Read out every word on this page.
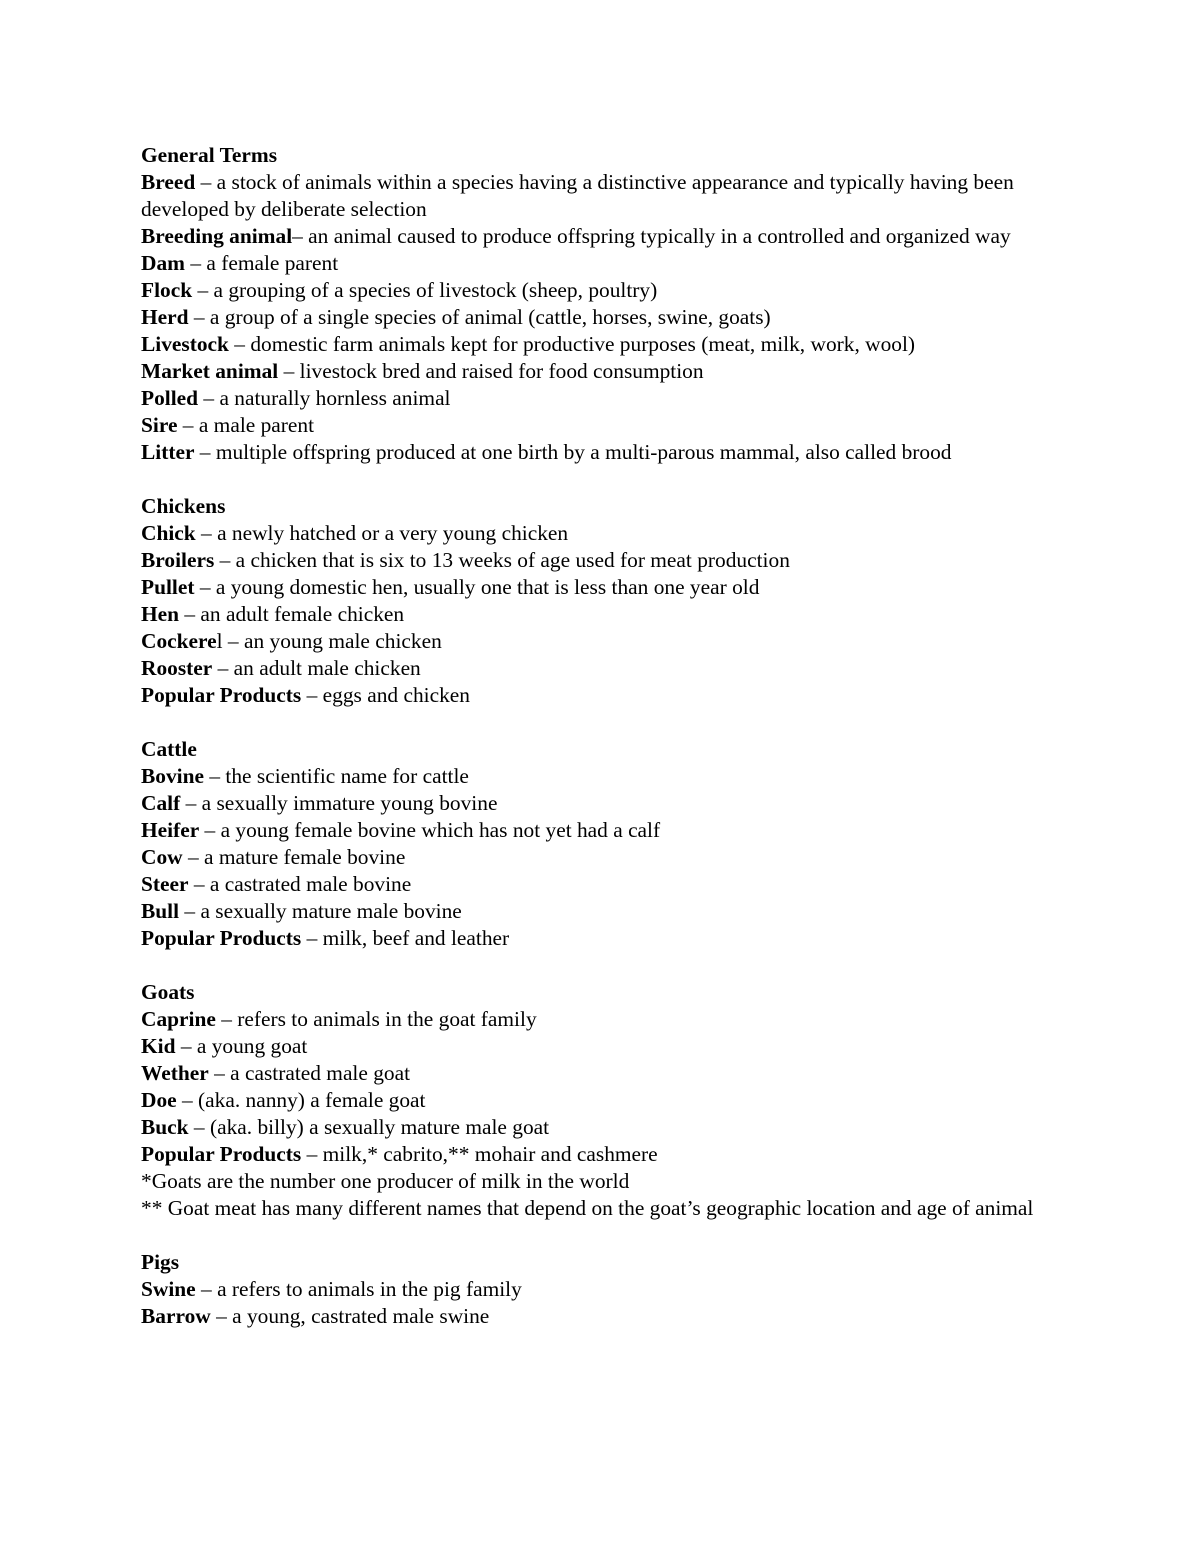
General Terms
Breed – a stock of animals within a species having a distinctive appearance and typically having been developed by deliberate selection
Breeding animal– an animal caused to produce offspring typically in a controlled and organized way
Dam – a female parent
Flock – a grouping of a species of livestock (sheep, poultry)
Herd – a group of a single species of animal (cattle, horses, swine, goats)
Livestock – domestic farm animals kept for productive purposes (meat, milk, work, wool)
Market animal – livestock bred and raised for food consumption
Polled – a naturally hornless animal
Sire – a male parent
Litter – multiple offspring produced at one birth by a multi-parous mammal, also called brood
Chickens
Chick – a newly hatched or a very young chicken
Broilers – a chicken that is six to 13 weeks of age used for meat production
Pullet – a young domestic hen, usually one that is less than one year old
Hen – an adult female chicken
Cockerel – an young male chicken
Rooster – an adult male chicken
Popular Products – eggs and chicken
Cattle
Bovine – the scientific name for cattle
Calf – a sexually immature young bovine
Heifer – a young female bovine which has not yet had a calf
Cow – a mature female bovine
Steer – a castrated male bovine
Bull – a sexually mature male bovine
Popular Products – milk, beef and leather
Goats
Caprine – refers to animals in the goat family
Kid – a young goat
Wether – a castrated male goat
Doe – (aka. nanny) a female goat
Buck – (aka. billy) a sexually mature male goat
Popular Products – milk,* cabrito,** mohair and cashmere
*Goats are the number one producer of milk in the world
** Goat meat has many different names that depend on the goat’s geographic location and age of animal
Pigs
Swine – a refers to animals in the pig family
Barrow – a young, castrated male swine
